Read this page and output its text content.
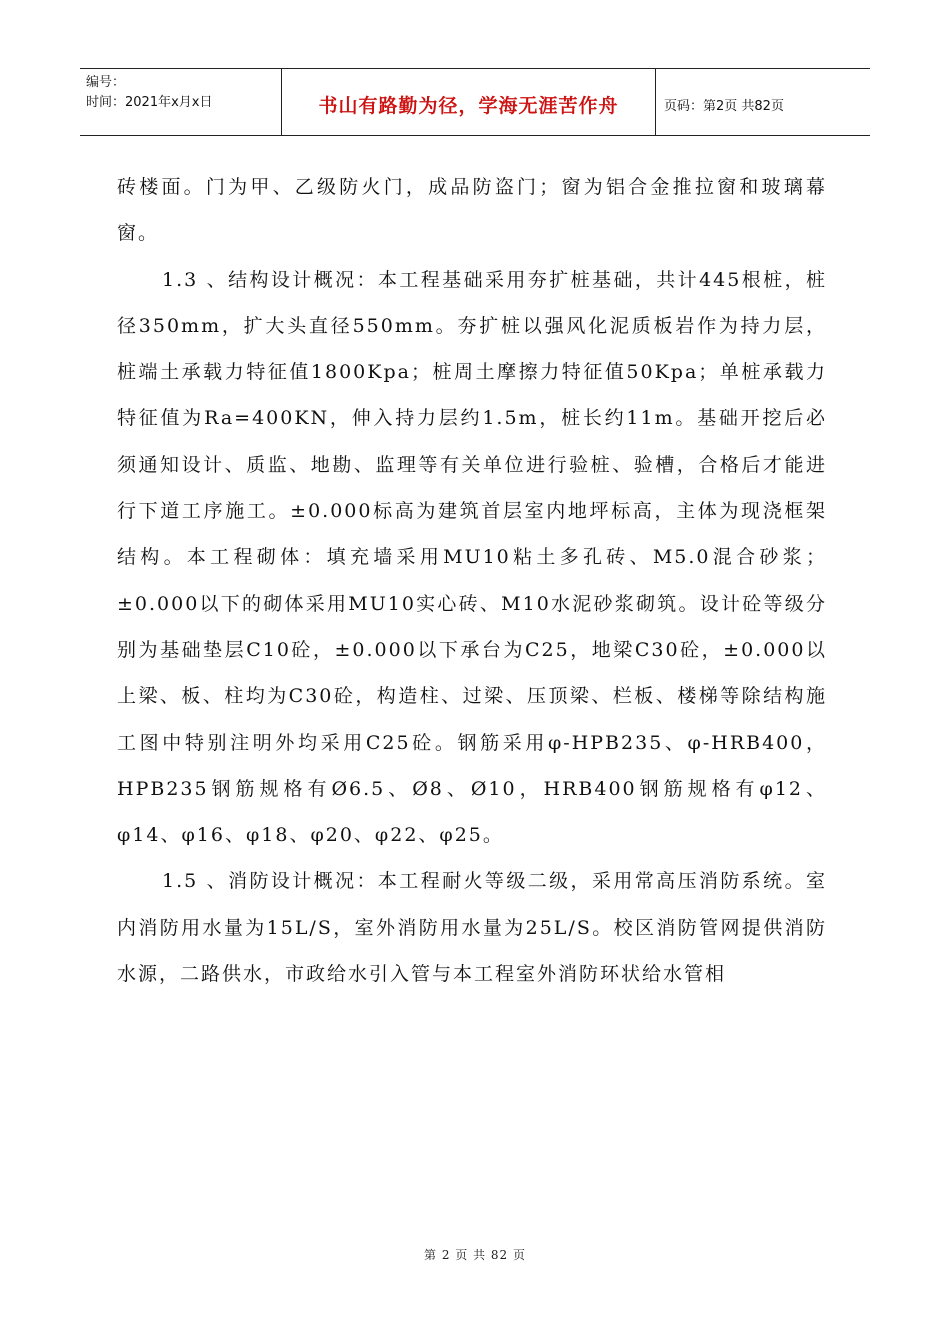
编号：
时间：2021年x月x日	书山有路勤为径，学海无涯苦作舟	页码：第2页 共82页

砖楼面。门为甲、乙级防火门，成品防盗门；窗为铝合金推拉窗和玻璃幕窗。

1.3 、结构设计概况：本工程基础采用夯扩桩基础，共计445根桩，桩径350mm，扩大头直径550mm。夯扩桩以强风化泥质板岩作为持力层，桩端土承载力特征值1800Kpa；桩周土摩擦力特征值50Kpa；单桩承载力特征值为Ra=400KN，伸入持力层约1.5m，桩长约11m。基础开挖后必须通知设计、质监、地勘、监理等有关单位进行验桩、验槽，合格后才能进行下道工序施工。±0.000标高为建筑首层室内地坪标高，主体为现浇框架结构。本工程砌体：填充墙采用MU10粘土多孔砖、M5.0混合砂浆；±0.000以下的砌体采用MU10实心砖、M10水泥砂浆砌筑。设计砼等级分别为基础垫层C10砼，±0.000以下承台为C25，地梁C30砼，±0.000以上梁、板、柱均为C30砼，构造柱、过梁、压顶梁、栏板、楼梯等除结构施工图中特别注明外均采用C25砼。钢筋采用φ-HPB235、φ-HRB400，HPB235钢筋规格有Ø6.5、Ø8、Ø10，HRB400钢筋规格有φ12、φ14、φ16、φ18、φ20、φ22、φ25。

1.5 、消防设计概况：本工程耐火等级二级，采用常高压消防系统。室内消防用水量为15L/S，室外消防用水量为25L/S。校区消防管网提供消防水源，二路供水，市政给水引入管与本工程室外消防环状给水管相

第 2 页 共 82 页
